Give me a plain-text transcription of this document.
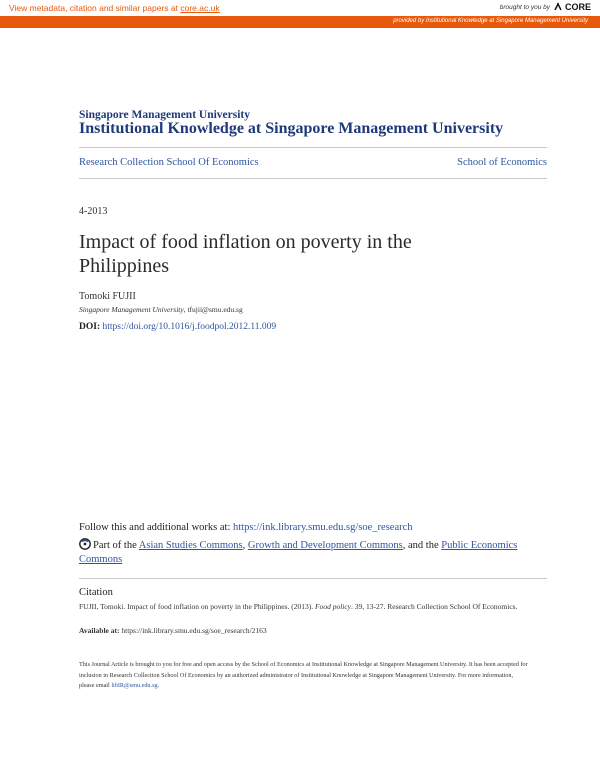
View metadata, citation and similar papers at core.ac.uk	brought to you by CORE
provided by Institutional Knowledge at Singapore Management University
Singapore Management University
Institutional Knowledge at Singapore Management University
Research Collection School Of Economics	School of Economics
4-2013
Impact of food inflation on poverty in the Philippines
Tomoki FUJII
Singapore Management University, tfujii@smu.edu.sg
DOI: https://doi.org/10.1016/j.foodpol.2012.11.009
Follow this and additional works at: https://ink.library.smu.edu.sg/soe_research
Part of the Asian Studies Commons, Growth and Development Commons, and the Public Economics Commons
Citation
FUJII, Tomoki. Impact of food inflation on poverty in the Philippines. (2013). Food policy. 39, 13-27. Research Collection School Of Economics.
Available at: https://ink.library.smu.edu.sg/soe_research/2163
This Journal Article is brought to you for free and open access by the School of Economics at Institutional Knowledge at Singapore Management University. It has been accepted for inclusion in Research Collection School Of Economics by an authorized administrator of Institutional Knowledge at Singapore Management University. For more information, please email libIR@smu.edu.sg.
